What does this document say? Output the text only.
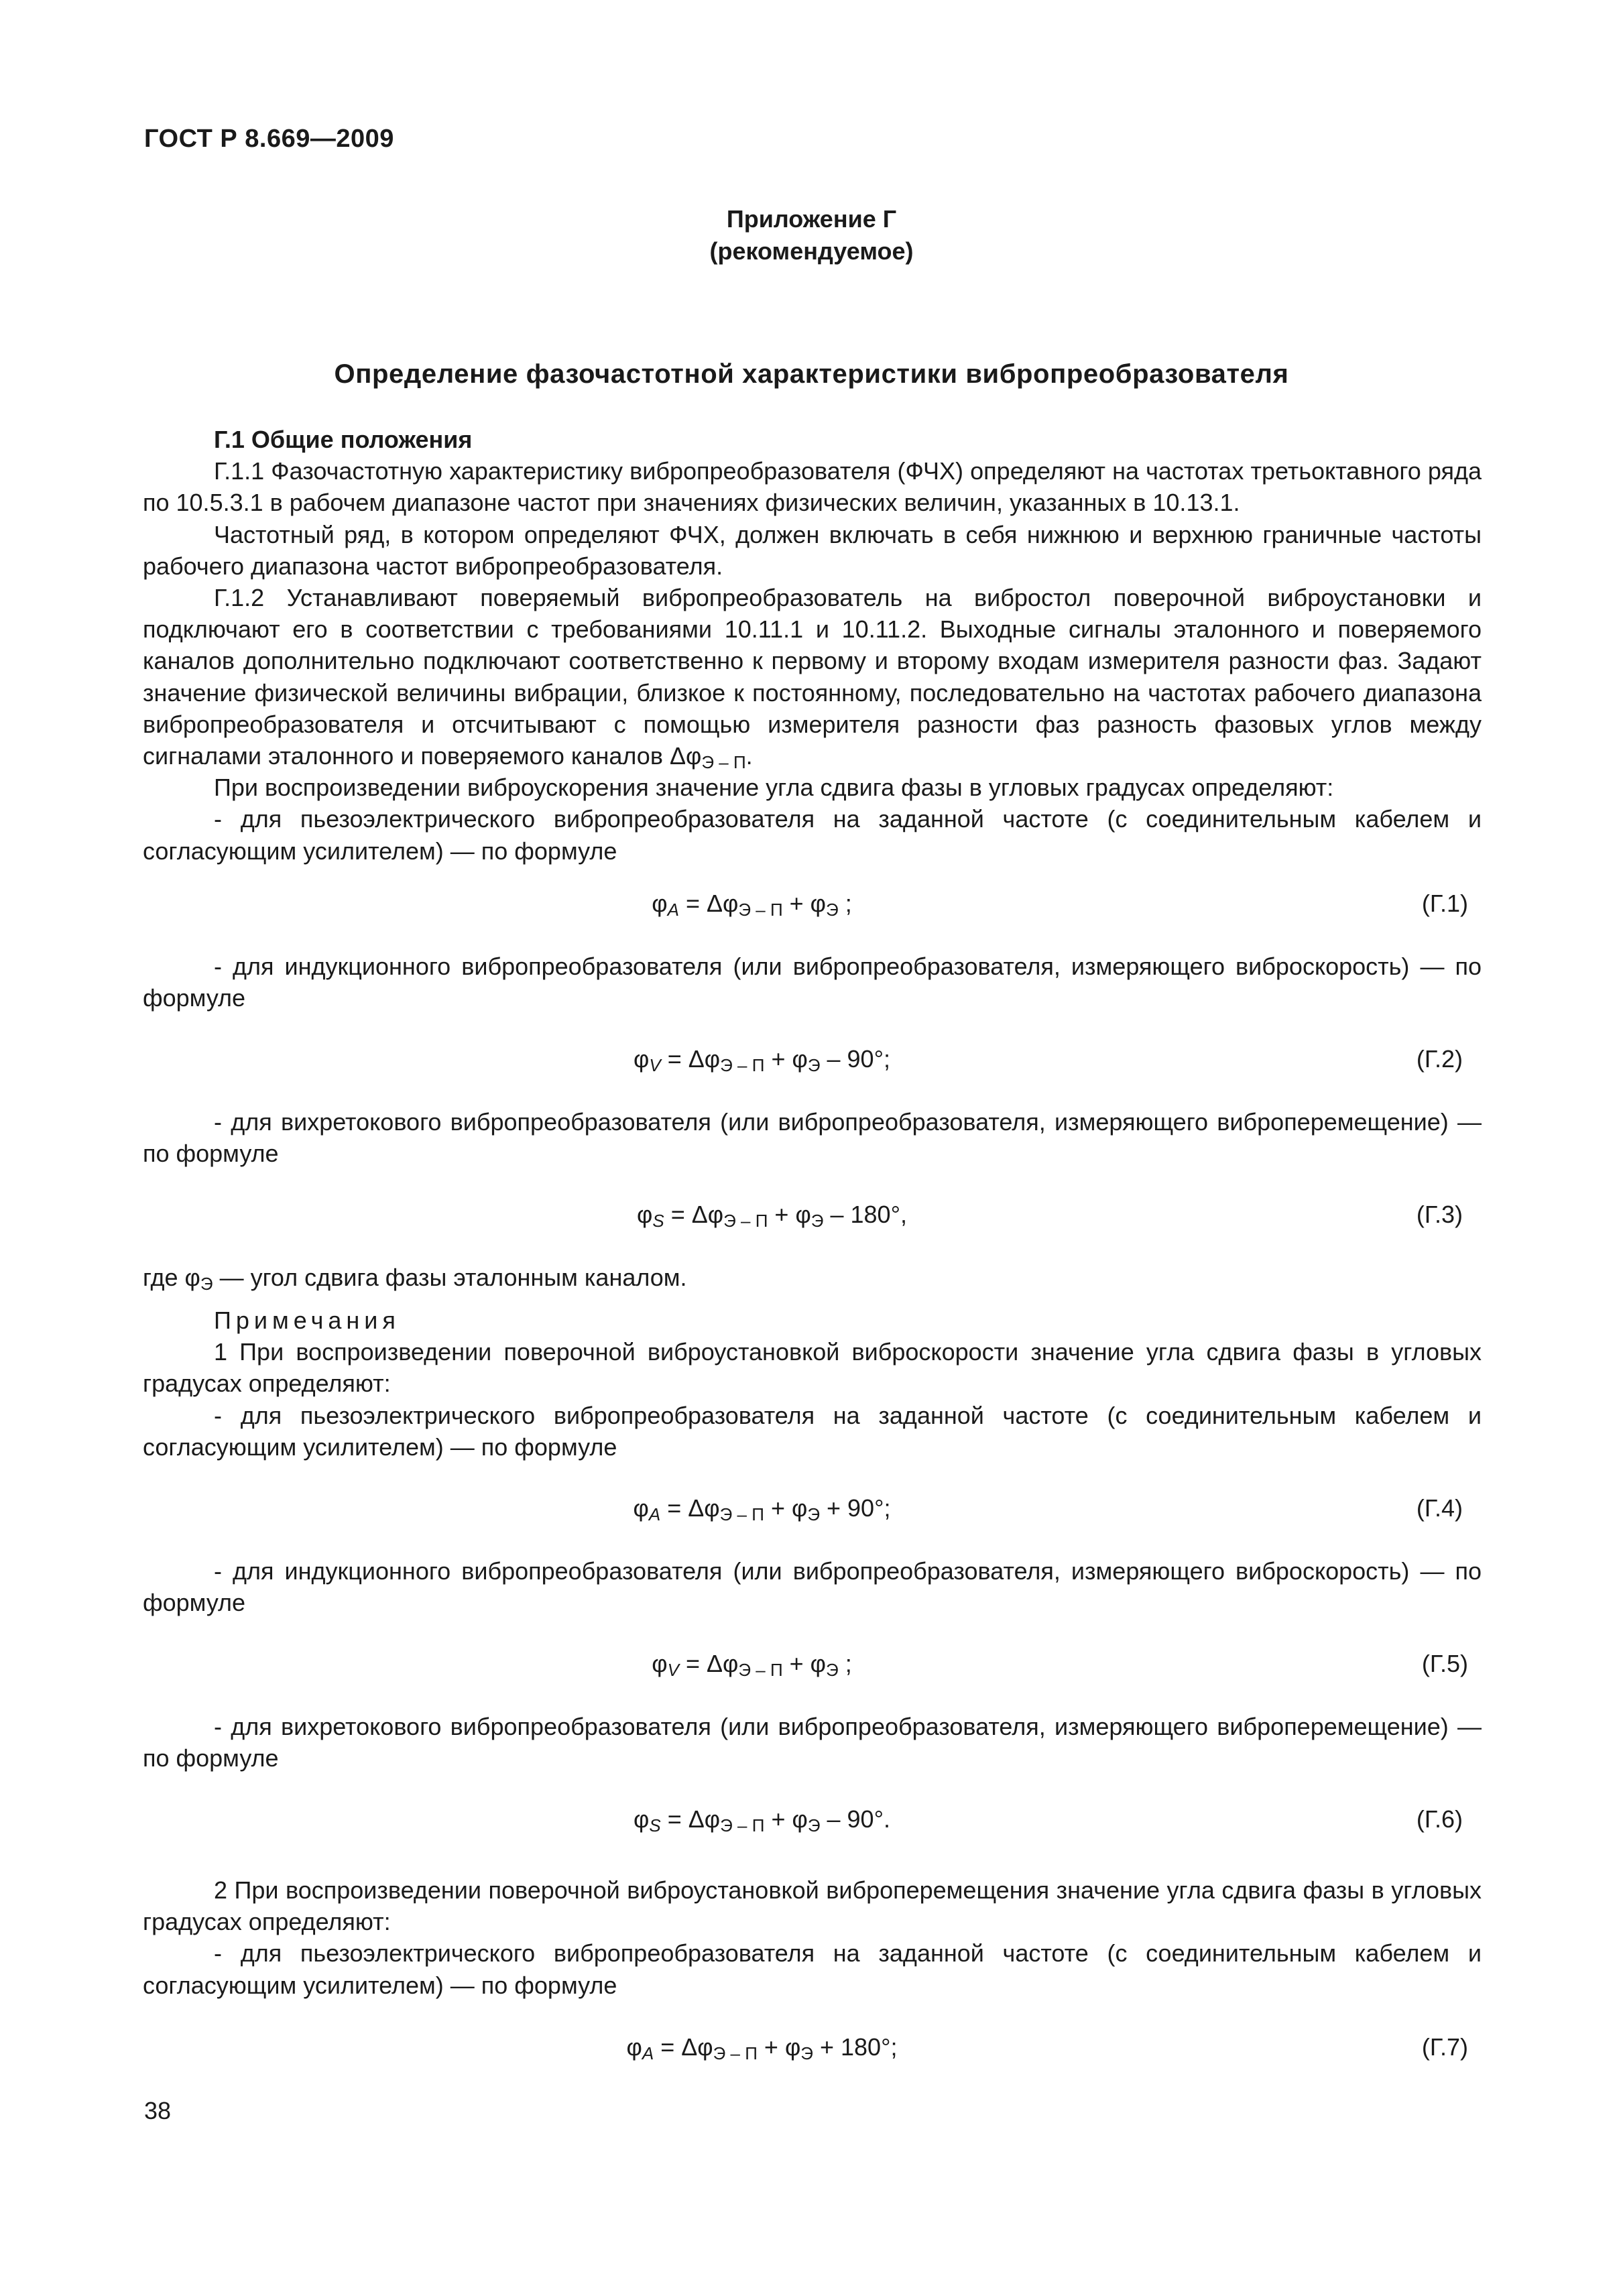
ГОСТ Р 8.669—2009
Приложение Г
(рекомендуемое)
Определение фазочастотной характеристики вибропреобразователя

Г.1 Общие положения

Г.1.1 Фазочастотную характеристику вибропреобразователя (ФЧХ) определяют на частотах третьоктавного ряда по 10.5.3.1 в рабочем диапазоне частот при значениях физических величин, указанных в 10.13.1.

Частотный ряд, в котором определяют ФЧХ, должен включать в себя нижнюю и верхнюю граничные частоты рабочего диапазона частот вибропреобразователя.

Г.1.2 Устанавливают поверяемый вибропреобразователь на вибростол поверочной виброустановки и подключают его в соответствии с требованиями 10.11.1 и 10.11.2. Выходные сигналы эталонного и поверяемого каналов дополнительно подключают соответственно к первому и второму входам измерителя разности фаз. Задают значение физической величины вибрации, близкое к постоянному, последовательно на частотах рабочего диапазона вибропреобразователя и отсчитывают с помощью измерителя разности фаз разность фазовых углов между сигналами эталонного и поверяемого каналов $\Delta\varphi_{Э - П}$.

При воспроизведении виброускорения значение угла сдвига фазы в угловых градусах определяют:

- для пьезоэлектрического вибропреобразователя на заданной частоте (с соединительным кабелем и согласующим усилителем) — по формуле

$\varphi_A = \Delta\varphi_{Э - П} + \varphi_Э$ ;	(Г.1)

- для индукционного вибропреобразователя (или вибропреобразователя, измеряющего виброскорость) — по формуле

$\varphi_V = \Delta\varphi_{Э - П} + \varphi_Э - 90^\circ$;	(Г.2)

- для вихретокового вибропреобразователя (или вибропреобразователя, измеряющего виброперемещение) — по формуле

$\varphi_S = \Delta\varphi_{Э - П} + \varphi_Э - 180^\circ$,	(Г.3)

где $\varphi_Э$ — угол сдвига фазы эталонным каналом.

Примечания

1 При воспроизведении поверочной виброустановкой виброскорости значение угла сдвига фазы в угловых градусах определяют:

- для пьезоэлектрического вибропреобразователя на заданной частоте (с соединительным кабелем и согласующим усилителем) — по формуле

$\varphi_A = \Delta\varphi_{Э - П} + \varphi_Э + 90^\circ$;	(Г.4)

- для индукционного вибропреобразователя (или вибропреобразователя, измеряющего виброскорость) — по формуле

$\varphi_V = \Delta\varphi_{Э - П} + \varphi_Э$ ;	(Г.5)

- для вихретокового вибропреобразователя (или вибропреобразователя, измеряющего виброперемещение) — по формуле

$\varphi_S = \Delta\varphi_{Э - П} + \varphi_Э - 90^\circ$.	(Г.6)

2 При воспроизведении поверочной виброустановкой виброперемещения значение угла сдвига фазы в угловых градусах определяют:

- для пьезоэлектрического вибропреобразователя на заданной частоте (с соединительным кабелем и согласующим усилителем) — по формуле

$\varphi_A = \Delta\varphi_{Э - П} + \varphi_Э + 180^\circ$;	(Г.7)
38
